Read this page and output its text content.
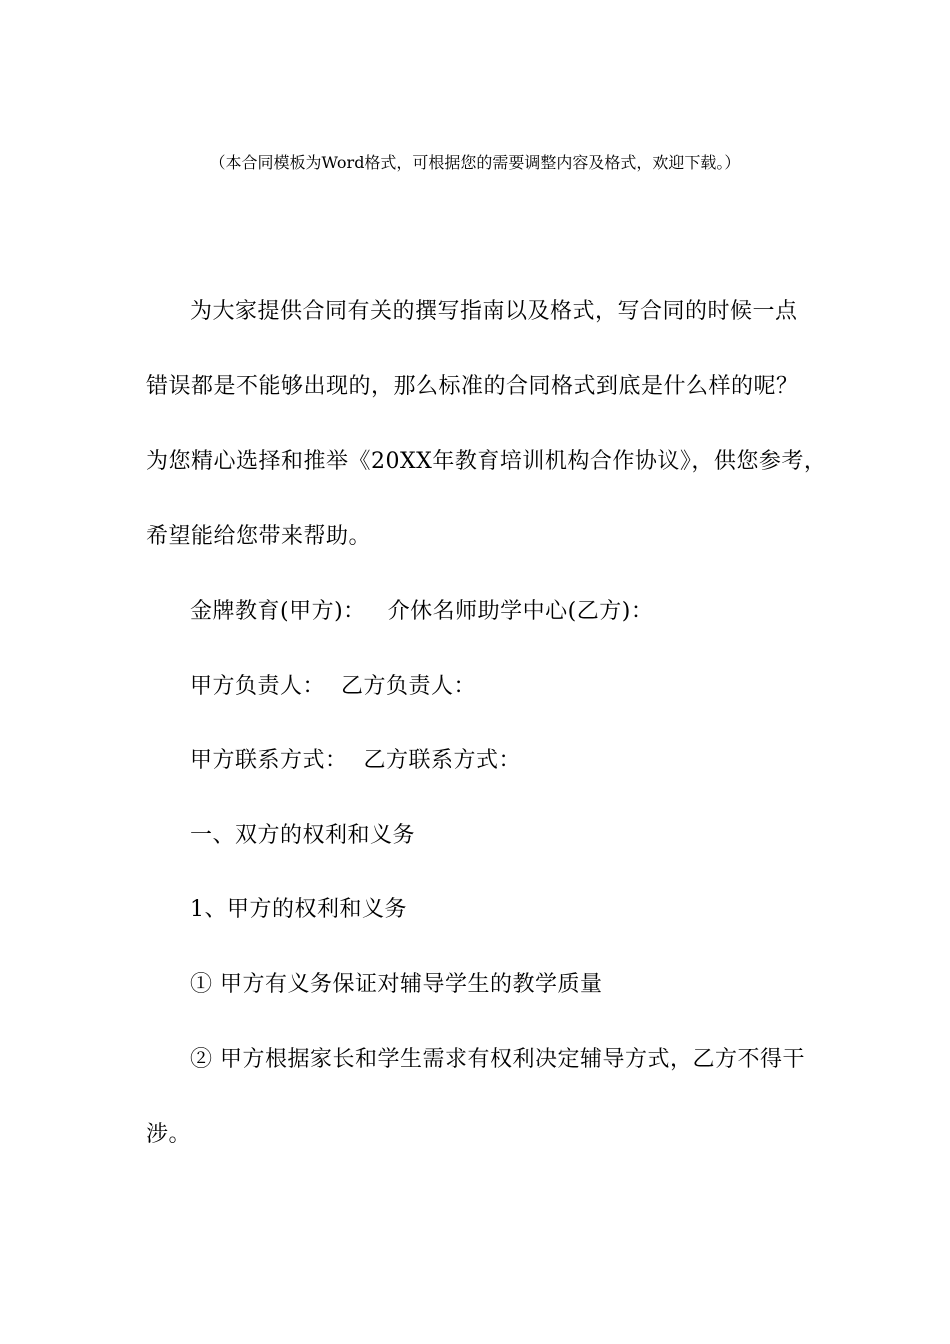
（本合同模板为Word格式，可根据您的需要调整内容及格式，欢迎下载。）
为大家提供合同有关的撰写指南以及格式，写合同的时候一点
错误都是不能够出现的，那么标准的合同格式到底是什么样的呢？
为您精心选择和推举《20XX年教育培训机构合作协议》，供您参考，
希望能给您带来帮助。
金牌教育(甲方)： 介休名师助学中心(乙方)：
甲方负责人： 乙方负责人：
甲方联系方式： 乙方联系方式：
一、双方的权利和义务
1、甲方的权利和义务
① 甲方有义务保证对辅导学生的教学质量
② 甲方根据家长和学生需求有权利决定辅导方式，乙方不得干
涉。
